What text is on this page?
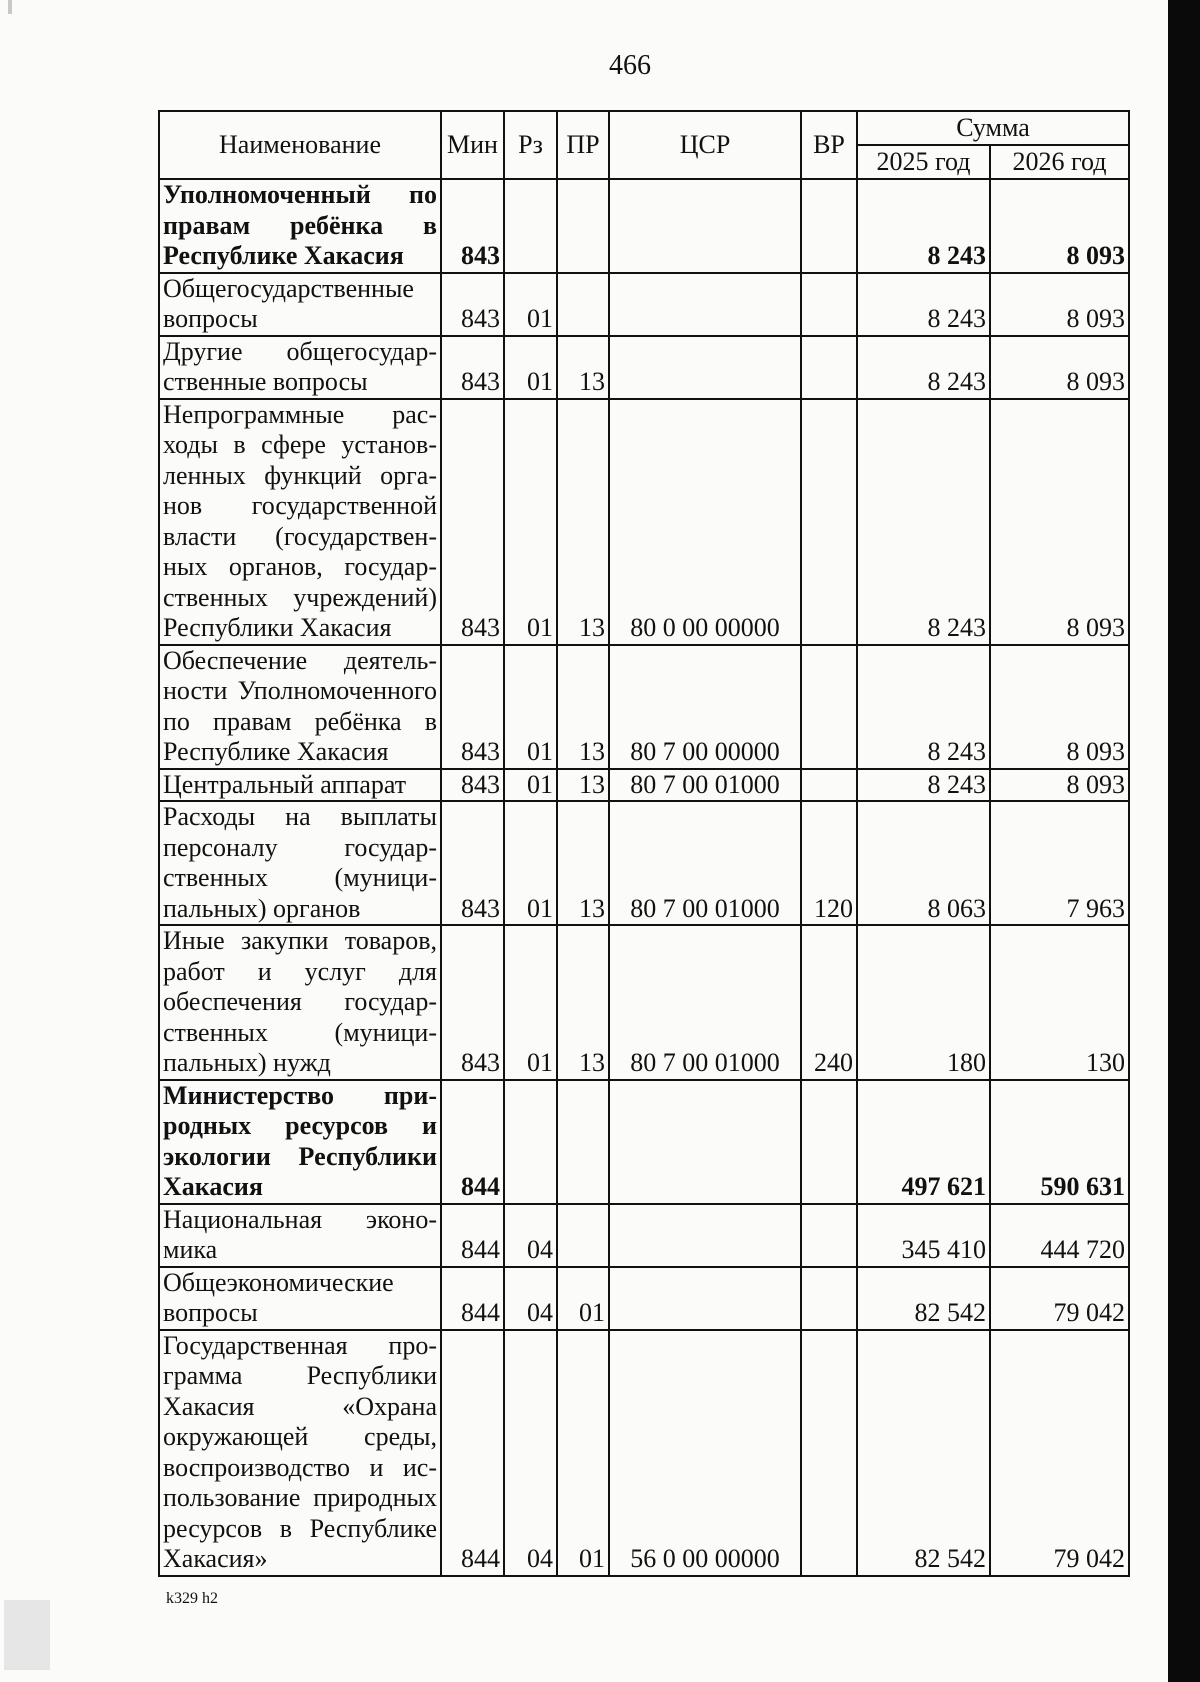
466
Наименование	Мин	Рз	ПР	ЦСР	ВР	Сумма	
						2025 год	2026 год
Уполномоченный по правам ребёнка в Республике Хакасия	843					8 243	8 093
Общегосударственные вопросы	843	01				8 243	8 093
Другие общегосударственные вопросы	843	01	13			8 243	8 093
Непрограммные расходы в сфере установленных функций органов государственной власти (государственных органов, государственных учреждений) Республики Хакасия	843	01	13	80 0 00 00000		8 243	8 093
Обеспечение деятельности Уполномоченного по правам ребёнка в Республике Хакасия	843	01	13	80 7 00 00000		8 243	8 093
Центральный аппарат	843	01	13	80 7 00 01000		8 243	8 093
Расходы на выплаты персоналу государственных (муниципальных) органов	843	01	13	80 7 00 01000	120	8 063	7 963
Иные закупки товаров, работ и услуг для обеспечения государственных (муниципальных) нужд	843	01	13	80 7 00 01000	240	180	130
Министерство природных ресурсов и экологии Республики Хакасия	844					497 621	590 631
Национальная экономика	844	04				345 410	444 720
Общеэкономические вопросы	844	04	01			82 542	79 042
Государственная программа Республики Хакасия «Охрана окружающей среды, воспроизводство и использование природных ресурсов в Республике Хакасия»	844	04	01	56 0 00 00000		82 542	79 042
k329 h2
